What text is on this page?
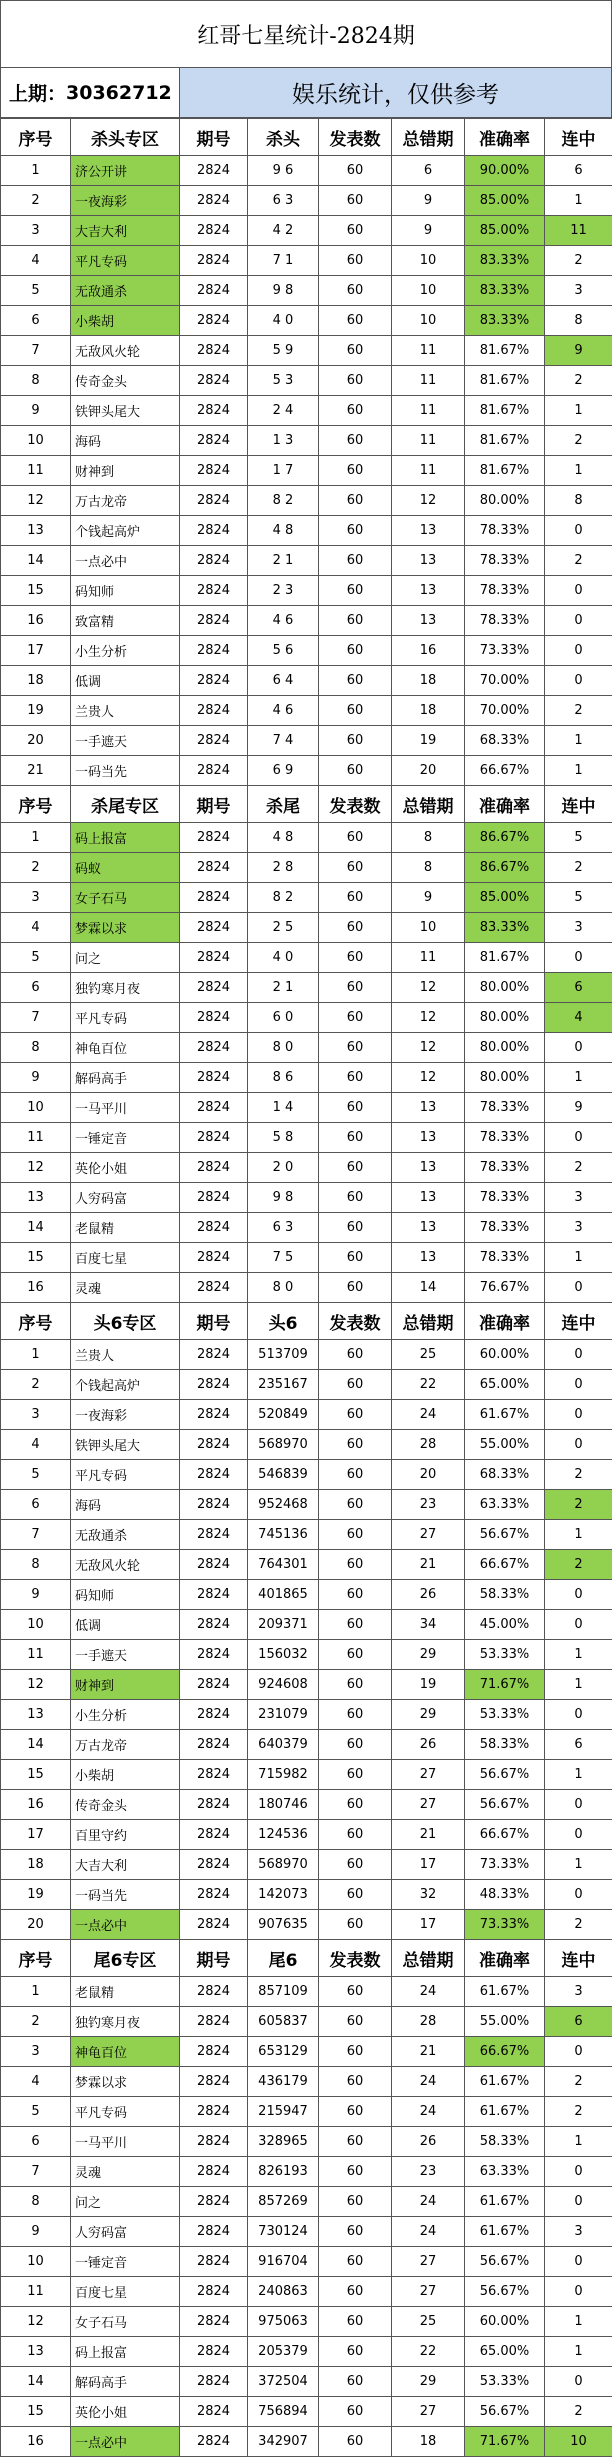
红哥七星统计-2824期
上期： 30362712	娱乐统计，仅供参考
序号	杀头专区	期号	杀头	发表数	总错期	准确率	连中
1	济公开讲	2824	9 6	60	6	90.00%	6
2	一夜海彩	2824	6 3	60	9	85.00%	1
3	大吉大利	2824	4 2	60	9	85.00%	11
4	平凡专码	2824	7 1	60	10	83.33%	2
5	无敌通杀	2824	9 8	60	10	83.33%	3
6	小柴胡	2824	4 0	60	10	83.33%	8
7	无敌风火轮	2824	5 9	60	11	81.67%	9
8	传奇金头	2824	5 3	60	11	81.67%	2
9	铁钾头尾大	2824	2 4	60	11	81.67%	1
10	海码	2824	1 3	60	11	81.67%	2
11	财神到	2824	1 7	60	11	81.67%	1
12	万古龙帝	2824	8 2	60	12	80.00%	8
13	个钱起高炉	2824	4 8	60	13	78.33%	0
14	一点必中	2824	2 1	60	13	78.33%	2
15	码知师	2824	2 3	60	13	78.33%	0
16	致富精	2824	4 6	60	13	78.33%	0
17	小生分析	2824	5 6	60	16	73.33%	0
18	低调	2824	6 4	60	18	70.00%	0
19	兰贵人	2824	4 6	60	18	70.00%	2
20	一手遮天	2824	7 4	60	19	68.33%	1
21	一码当先	2824	6 9	60	20	66.67%	1
序号	杀尾专区	期号	杀尾	发表数	总错期	准确率	连中
1	码上报富	2824	4 8	60	8	86.67%	5
2	码蚁	2824	2 8	60	8	86.67%	2
3	女子石马	2824	8 2	60	9	85.00%	5
4	梦霖以求	2824	2 5	60	10	83.33%	3
5	问之	2824	4 0	60	11	81.67%	0
6	独钓寒月夜	2824	2 1	60	12	80.00%	6
7	平凡专码	2824	6 0	60	12	80.00%	4
8	神龟百位	2824	8 0	60	12	80.00%	0
9	解码高手	2824	8 6	60	12	80.00%	1
10	一马平川	2824	1 4	60	13	78.33%	9
11	一锤定音	2824	5 8	60	13	78.33%	0
12	英伦小姐	2824	2 0	60	13	78.33%	2
13	人穷码富	2824	9 8	60	13	78.33%	3
14	老鼠精	2824	6 3	60	13	78.33%	3
15	百度七星	2824	7 5	60	13	78.33%	1
16	灵魂	2824	8 0	60	14	76.67%	0
序号	头6专区	期号	头6	发表数	总错期	准确率	连中
1	兰贵人	2824	513709	60	25	60.00%	0
2	个钱起高炉	2824	235167	60	22	65.00%	0
3	一夜海彩	2824	520849	60	24	61.67%	0
4	铁钾头尾大	2824	568970	60	28	55.00%	0
5	平凡专码	2824	546839	60	20	68.33%	2
6	海码	2824	952468	60	23	63.33%	2
7	无敌通杀	2824	745136	60	27	56.67%	1
8	无敌风火轮	2824	764301	60	21	66.67%	2
9	码知师	2824	401865	60	26	58.33%	0
10	低调	2824	209371	60	34	45.00%	0
11	一手遮天	2824	156032	60	29	53.33%	1
12	财神到	2824	924608	60	19	71.67%	1
13	小生分析	2824	231079	60	29	53.33%	0
14	万古龙帝	2824	640379	60	26	58.33%	6
15	小柴胡	2824	715982	60	27	56.67%	1
16	传奇金头	2824	180746	60	27	56.67%	0
17	百里守约	2824	124536	60	21	66.67%	0
18	大吉大利	2824	568970	60	17	73.33%	1
19	一码当先	2824	142073	60	32	48.33%	0
20	一点必中	2824	907635	60	17	73.33%	2
序号	尾6专区	期号	尾6	发表数	总错期	准确率	连中
1	老鼠精	2824	857109	60	24	61.67%	3
2	独钓寒月夜	2824	605837	60	28	55.00%	6
3	神龟百位	2824	653129	60	21	66.67%	0
4	梦霖以求	2824	436179	60	24	61.67%	2
5	平凡专码	2824	215947	60	24	61.67%	2
6	一马平川	2824	328965	60	26	58.33%	1
7	灵魂	2824	826193	60	23	63.33%	0
8	问之	2824	857269	60	24	61.67%	0
9	人穷码富	2824	730124	60	24	61.67%	3
10	一锤定音	2824	916704	60	27	56.67%	0
11	百度七星	2824	240863	60	27	56.67%	0
12	女子石马	2824	975063	60	25	60.00%	1
13	码上报富	2824	205379	60	22	65.00%	1
14	解码高手	2824	372504	60	29	53.33%	0
15	英伦小姐	2824	756894	60	27	56.67%	2
16	一点必中	2824	342907	60	18	71.67%	10
